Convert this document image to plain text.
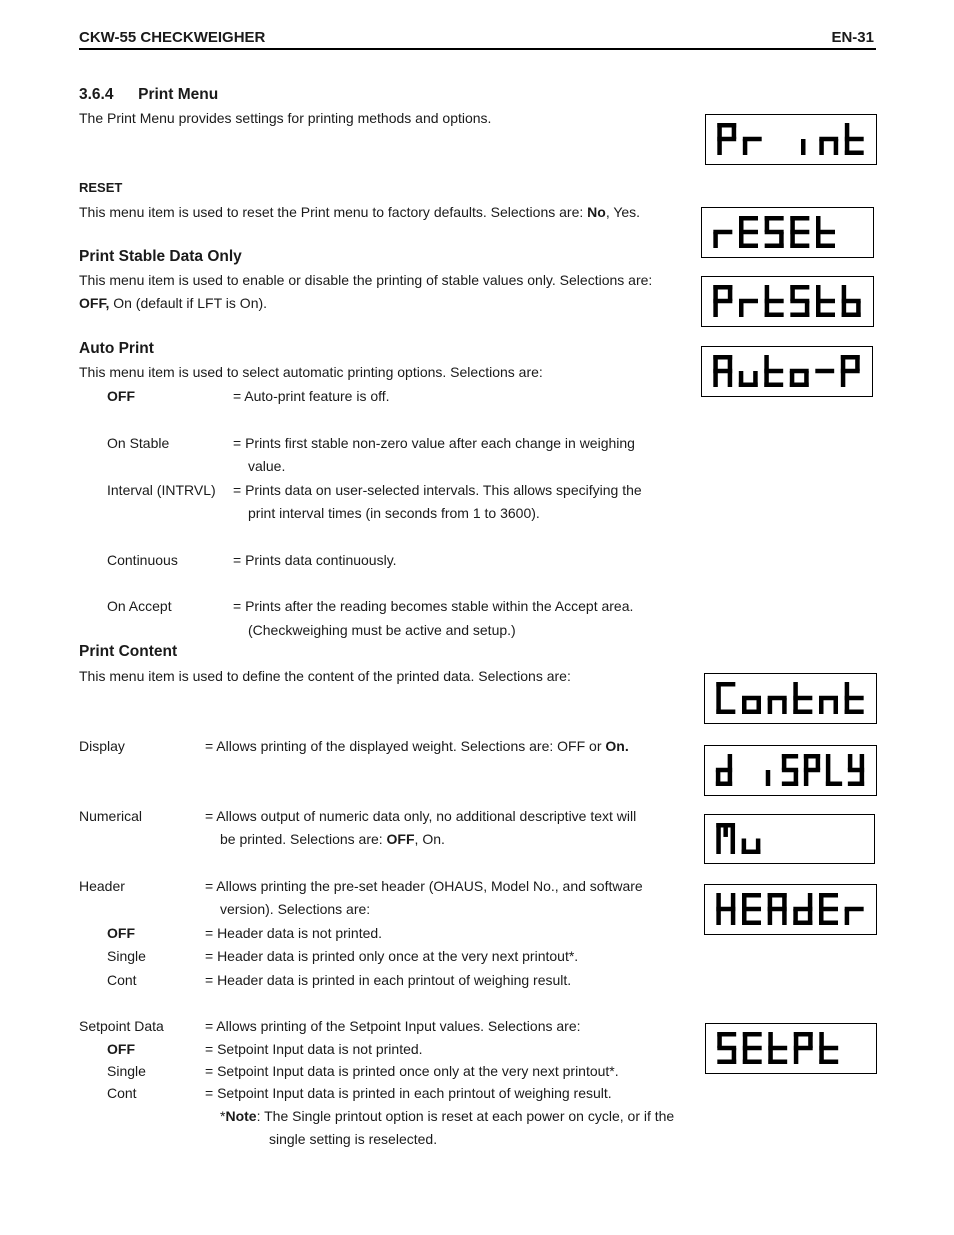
CKW-55 CHECKWEIGHER	EN-31
3.6.4 Print Menu
The Print Menu provides settings for printing methods and options.
RESET
This menu item is used to reset the Print menu to factory defaults. Selections are: No, Yes.
Print Stable Data Only
This menu item is used to enable or disable the printing of stable values only. Selections are:
OFF, On (default if LFT is On).
Auto Print
This menu item is used to select automatic printing options. Selections are:
OFF	= Auto-print feature is off.
On Stable	= Prints first stable non-zero value after each change in weighing
value.
Interval (INTRVL) = Prints data on user-selected intervals. This allows specifying the
print interval times (in seconds from 1 to 3600).
Continuous	= Prints data continuously.
On Accept	= Prints after the reading becomes stable within the Accept area.
(Checkweighing must be active and setup.)
Print Content
This menu item is used to define the content of the printed data. Selections are:
Display	= Allows printing of the displayed weight. Selections are: OFF or On.
Numerical	= Allows output of numeric data only, no additional descriptive text will
be printed. Selections are: OFF, On.
Header	= Allows printing the pre-set header (OHAUS, Model No., and software
version). Selections are:
OFF	= Header data is not printed.
Single	= Header data is printed only once at the very next printout*.
Cont	= Header data is printed in each printout of weighing result.
Setpoint Data	= Allows printing of the Setpoint Input values. Selections are:
OFF	= Setpoint Input data is not printed.
Single	= Setpoint Input data is printed once only at the very next printout*.
Cont	= Setpoint Input data is printed in each printout of weighing result.
*Note: The Single printout option is reset at each power on cycle, or if the
single setting is reselected.
